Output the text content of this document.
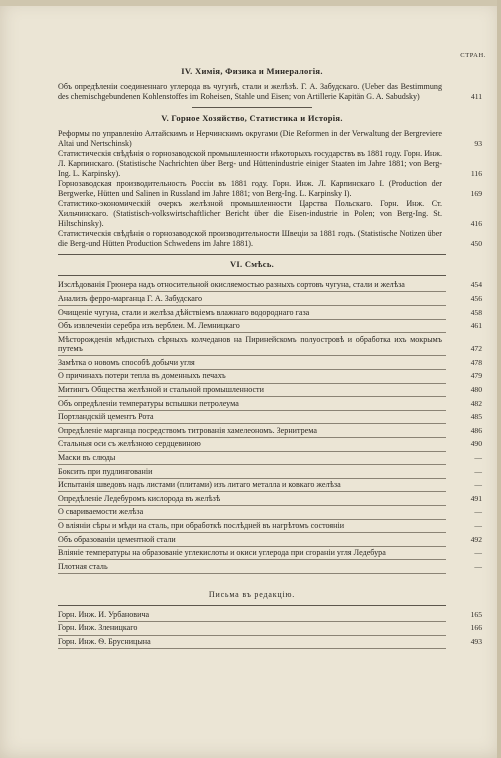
СТРАН.
IV. Химія, Физика и Минералогія.
Объ опредѣленіи соединеннаго углерода въ чугунѣ, стали и желѣзѣ. Г. А. Забудскаго. (Ueber das Bestimmung des chemischgebundenen Kohlenstoffes im Roheisen, Stahle und Eisen; von Artillerie Kapitän G. A. Sabudsky)	411
V. Горное Хозяйство, Статистика и Исторія.
Реформы по управленію Алтайскимъ и Нерчинскимъ округами (Die Reformen in der Verwaltung der Bergreviere Altai und Nertschinsk)	93
Статистическія свѣдѣнія о горнозаводской промышленности нѣкоторыхъ государствъ въ 1881 году. Горн. Инж. Л. Карпинскаго. (Statistische Nachrichten über Berg- und Hüttenindustrie einiger Staaten im Jahre 1881; von Berg-Ing. L. Karpinsky).	116
Горнозаводская производительность Россіи въ 1881 году. Горн. Инж. Л. Карпинскаго І. (Production der Bergwerke, Hütten und Salinen in Russland im Jahre 1881; von Berg-Ing. L. Karpinsky I).	169
Статистико-экономическій очеркъ желѣзной промышленности Царства Польскаго. Горн. Инж. Ст. Хильчинскаго. (Statistisch-volkswirtschaftlicher Bericht über die Eisen-industrie in Polen; von Berg-Ing. St. Hiltschinsky).	416
Статистическія свѣдѣнія о горнозаводской производительности Швеціи за 1881 годъ. (Statistische Notizen über die Berg-und Hütten Production Schwedens im Jahre 1881).	450
VI. Смѣсь.
Изслѣдованія Грюнера надъ относительной окисляемостью разныхъ сортовъ чугуна, стали и желѣза	454
Анализъ ферро-марганца Г. А. Забудскаго	456
Очищеніе чугуна, стали и желѣза дѣйствіемъ влажнаго водороднаго газа	458
Объ извлеченіи серебра изъ верблеи. М. Лемницкаго	461
Мѣсторожденія мѣдистыхъ сѣрныхъ колчеданов на Пиринейскомъ полуостровѣ и обработка ихъ мокрымъ путемъ	472
Замѣтка о новомъ способѣ добычи угля	478
О причинахъ потери тепла въ доменныхъ печахъ	479
Митингъ Общества желѣзной и стальной промышленности	480
Объ опредѣленіи температуры вспышки петролеума	482
Портландскій цементъ Рота	485
Опредѣленіе марганца посредствомъ титрованія хамелеономъ. Зернитрема	486
Стальныя оси съ желѣзною сердцевиною	490
Маски въ слюды	—
Боксить при пудлингованіи	—
Испытанія шведовъ надъ листами (плитами) изъ литаго металла и ковкаго желѣза	—
Опредѣленіе Ледебуромъ кислорода въ желѣзѣ	491
О свариваемости желѣза	—
О вліяніи сѣры и мѣди на сталь, при обработкѣ послѣдней въ нагрѣтомъ состояніи	—
Объ образованіи цементной стали	492
Вліяніе температуры на образованіе углекислоты и окиси углерода при сгораніи угля Ледебура	—
Плотная сталь	—
Письма въ редакцію.
Горн. Инж. И. Урбановича	165
Горн. Инж. Зленицкаго	166
Горн. Инж. Ѳ. Брусницына	493
